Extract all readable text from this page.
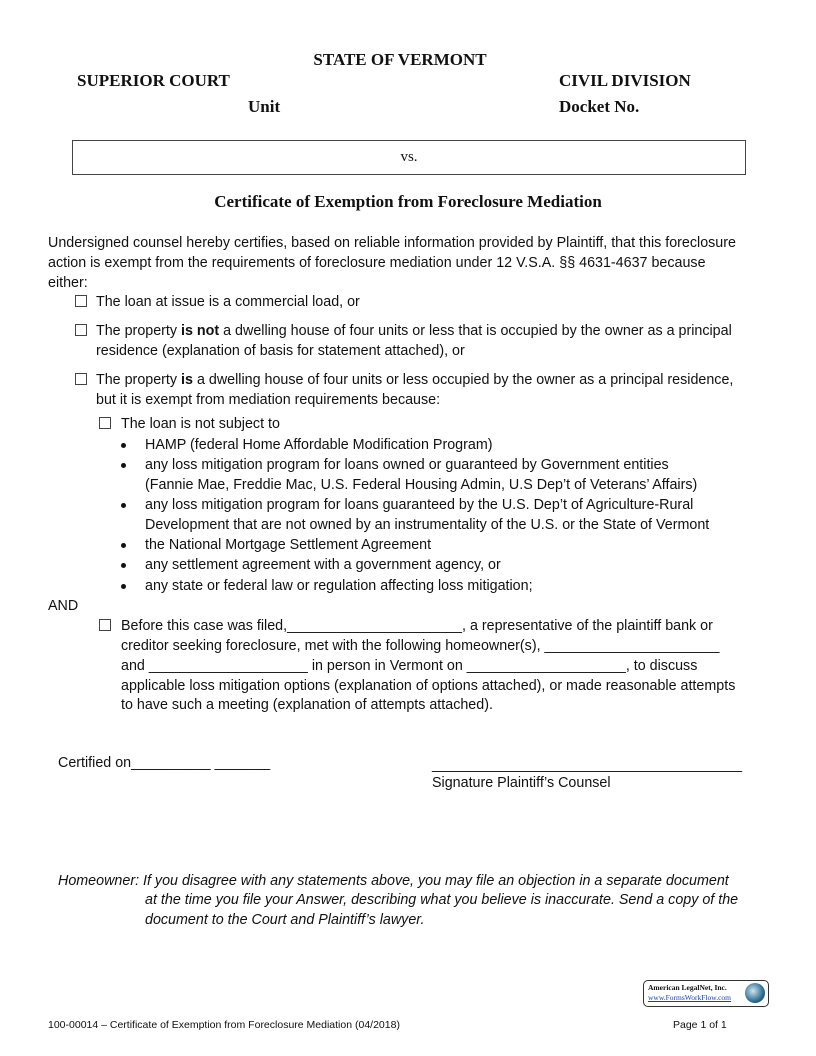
STATE OF VERMONT
SUPERIOR COURT	CIVIL DIVISION
Unit	Docket No.
vs.
Certificate of Exemption from Foreclosure Mediation
Undersigned counsel hereby certifies, based on reliable information provided by Plaintiff, that this foreclosure
action is exempt from the requirements of foreclosure mediation under 12 V.S.A. §§ 4631-4637 because
either:
The loan at issue is a commercial load, or
The property is not a dwelling house of four units or less that is occupied by the owner as a principal
residence (explanation of basis for statement attached), or
The property is a dwelling house of four units or less occupied by the owner as a principal residence,
but it is exempt from mediation requirements because:
The loan is not subject to
HAMP (federal Home Affordable Modification Program)
any loss mitigation program for loans owned or guaranteed by Government entities
(Fannie Mae, Freddie Mac, U.S. Federal Housing Admin, U.S Dep’t of Veterans’ Affairs)
any loss mitigation program for loans guaranteed by the U.S. Dep’t of Agriculture-Rural
Development that are not owned by an instrumentality of the U.S. or the State of Vermont
the National Mortgage Settlement Agreement
any settlement agreement with a government agency, or
any state or federal law or regulation affecting loss mitigation;
AND
Before this case was filed,______________________, a representative of the plaintiff bank or
creditor seeking foreclosure, met with the following homeowner(s), ______________________
and ____________________ in person in Vermont on ____________________, to discuss
applicable loss mitigation options (explanation of options attached), or made reasonable attempts
to have such a meeting (explanation of attempts attached).
Certified on__________ _______	_______________________________________
Signature Plaintiff’s Counsel
Homeowner: If you disagree with any statements above, you may file an objection in a separate document
at the time you file your Answer, describing what you believe is inaccurate. Send a copy of the
document to the Court and Plaintiff’s lawyer.
American LegalNet, Inc.
www.FormsWorkFlow.com
100-00014 – Certificate of Exemption from Foreclosure Mediation (04/2018)	Page 1 of 1
